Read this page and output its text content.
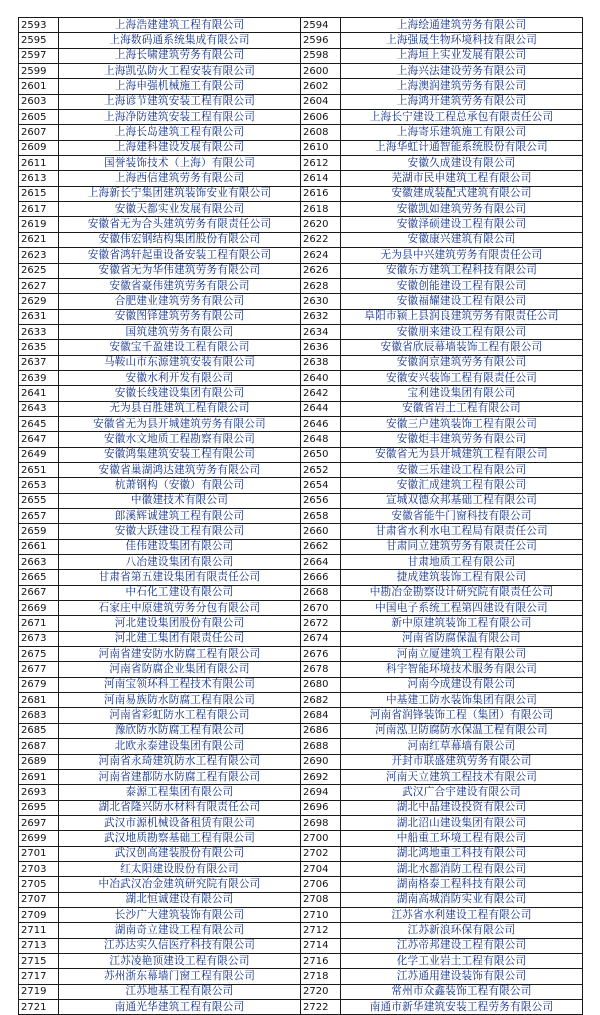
2593	上海浩建建筑工程有限公司	2594	上海绘通建筑劳务有限公司
2595	上海数码通系统集成有限公司	2596	上海强晟生物环境科技有限公司
2597	上海长啸建筑劳务有限公司	2598	上海垣上实业发展有限公司
2599	上海凯弘防火工程安装有限公司	2600	上海兴法建设劳务有限公司
2601	上海申强机械施工有限公司	2602	上海澳润建筑劳务有限公司
2603	上海谚节建筑安装工程有限公司	2604	上海鸿开建筑劳务有限公司
2605	上海净防建筑安装工程有限公司	2606	上海长宁建设工程总承包有限责任公司
2607	上海长岛建筑工程有限公司	2608	上海寄乐建筑施工有限公司
2609	上海建科建设发展有限公司	2610	上海华虹计通智能系统股份有限公司
2611	国誉装饰技术（上海）有限公司	2612	安徽久成建设有限公司
2613	上海西信建筑劳务有限公司	2614	芜湖市民申建筑工程有限公司
2615	上海新长宁集团建筑装饰安业有限公司	2616	安徽建成装配式建筑有限公司
2617	安徽天都实业发展有限公司	2618	安徽凯如建筑劳务有限公司
2619	安徽省无为合头建筑劳务有限责任公司	2620	安徽泽硕建设工程有限公司
2621	安徽伟宏钢结构集团股份有限公司	2622	安徽康兴建筑有限公司
2623	安徽省鸿轩起重设备安装工程有限公司	2624	无为县中兴建筑劳务有限责任公司
2625	安徽省无为华伟建筑劳务有限公司	2626	安徽东方建筑工程科技有限公司
2627	安徽省豪伟建筑劳务有限公司	2628	安徽创能建设工程有限公司
2629	合肥建业建筑劳务有限公司	2630	安徽福耀建设工程有限公司
2631	安徽图铎建筑劳务有限公司	2632	阜阳市颍上县润良建筑劳务有限责任公司
2633	国筑建筑劳务有限公司	2634	安徽朋来建设工程有限公司
2635	安徽宝千盈建设工程有限公司	2636	安徽省欣辰幕墙装饰工程有限公司
2637	马鞍山市东源建筑安装有限公司	2638	安徽润京建筑劳务有限公司
2639	安徽水利开发有限公司	2640	安徽安兴装饰工程有限责任公司
2641	安徽长线建设集团有限公司	2642	宝利建设集团有限公司
2643	无为县百胜建筑工程有限公司	2644	安徽省岩土工程有限公司
2645	安徽省无为县开城建筑劳务有限公司	2646	安徽三户建筑装饰工程有限公司
2647	安徽水文地质工程勘察有限公司	2648	安徽炬丰建筑劳务有限公司
2649	安徽鸿集建筑安装工程有限公司	2650	安徽省无为县开城建筑工程有限公司
2651	安徽省巢湖鸿达建筑劳务有限公司	2652	安徽三乐建设工程有限公司
2653	杭萧钢构（安徽）有限公司	2654	安徽汇成建筑工程有限公司
2655	中徽建技术有限公司	2656	宣城双德众邦基础工程有限公司
2657	郎溪辉诚建筑工程有限公司	2658	安徽省能牛门窗科技有限公司
2659	安徽大跃建设工程有限公司	2660	甘肃省水利水电工程局有限责任公司
2661	佳伟建设集团有限公司	2662	甘肃同立建筑劳务有限责任公司
2663	八冶建设集团有限公司	2664	甘肃地质工程有限公司
2665	甘肃省第五建设集团有限责任公司	2666	捷成建筑装饰工程有限公司
2667	中石化工建设有限公司	2668	中勘冶金勘察设计研究院有限责任公司
2669	石家庄中原建筑劳务分包有限公司	2670	中国电子系统工程第四建设有限公司
2671	河北建设集团股份有限公司	2672	新中原建筑装饰工程有限公司
2673	河北建工集团有限责任公司	2674	河南省防腐保温有限公司
2675	河南省建安防水防腐工程有限公司	2676	河南立厦建筑工程有限公司
2677	河南省防腐企业集团有限公司	2678	科宇智能环境技术服务有限公司
2679	河南宝领环科工程技术有限公司	2680	河南今成建设有限公司
2681	河南易族防水防腐工程有限公司	2682	中基建工防水装饰集团有限公司
2683	河南省彩虹防水工程有限公司	2684	河南省润锋装饰工程（集团）有限公司
2685	豫欣防水防腐工程有限公司	2686	河南泓卫防腐防水保温工程有限公司
2687	北欧永泰建设集团有限公司	2688	河南红草幕墙有限公司
2689	河南省永琦建筑防水工程有限公司	2690	开封市联盛建筑劳务有限公司
2691	河南省建都防水防腐工程有限公司	2692	河南天立建筑工程技术有限公司
2693	泰源工程集团有限公司	2694	武汉广合宇建设有限公司
2695	湖北省隆兴防水材料有限责任公司	2696	湖北中晶建设投资有限公司
2697	武汉市源机械设备租赁有限公司	2698	湖北沼山建设集团有限公司
2699	武汉地质勘察基础工程有限公司	2700	中船重工环境工程有限公司
2701	武汉创高建装股份有限公司	2702	湖北鸿地重工科技有限公司
2703	红太阳建设股份有限公司	2704	湖北水都消防工程有限公司
2705	中冶武汉冶金建筑研究院有限公司	2706	湖南格泰工程科技有限公司
2707	湖北恒诚建设有限公司	2708	湖南高城消防实业有限公司
2709	长沙广大建筑装饰有限公司	2710	江苏省水利建设工程有限公司
2711	湖南奇立建设工程有限公司	2712	江苏新浪环保有限公司
2713	江苏达实久信医疗科技有限公司	2714	江苏帝邦建设工程有限公司
2715	江苏凌艳顶建设工程有限公司	2716	化学工业岩土工程有限公司
2717	苏州浙东幕墙门窗工程有限公司	2718	江苏通用建设装饰有限公司
2719	江苏地基工程有限公司	2720	常州市众鑫装饰工程有限公司
2721	南通光华建筑工程有限公司	2722	南通市新华建筑安装工程劳务有限公司
